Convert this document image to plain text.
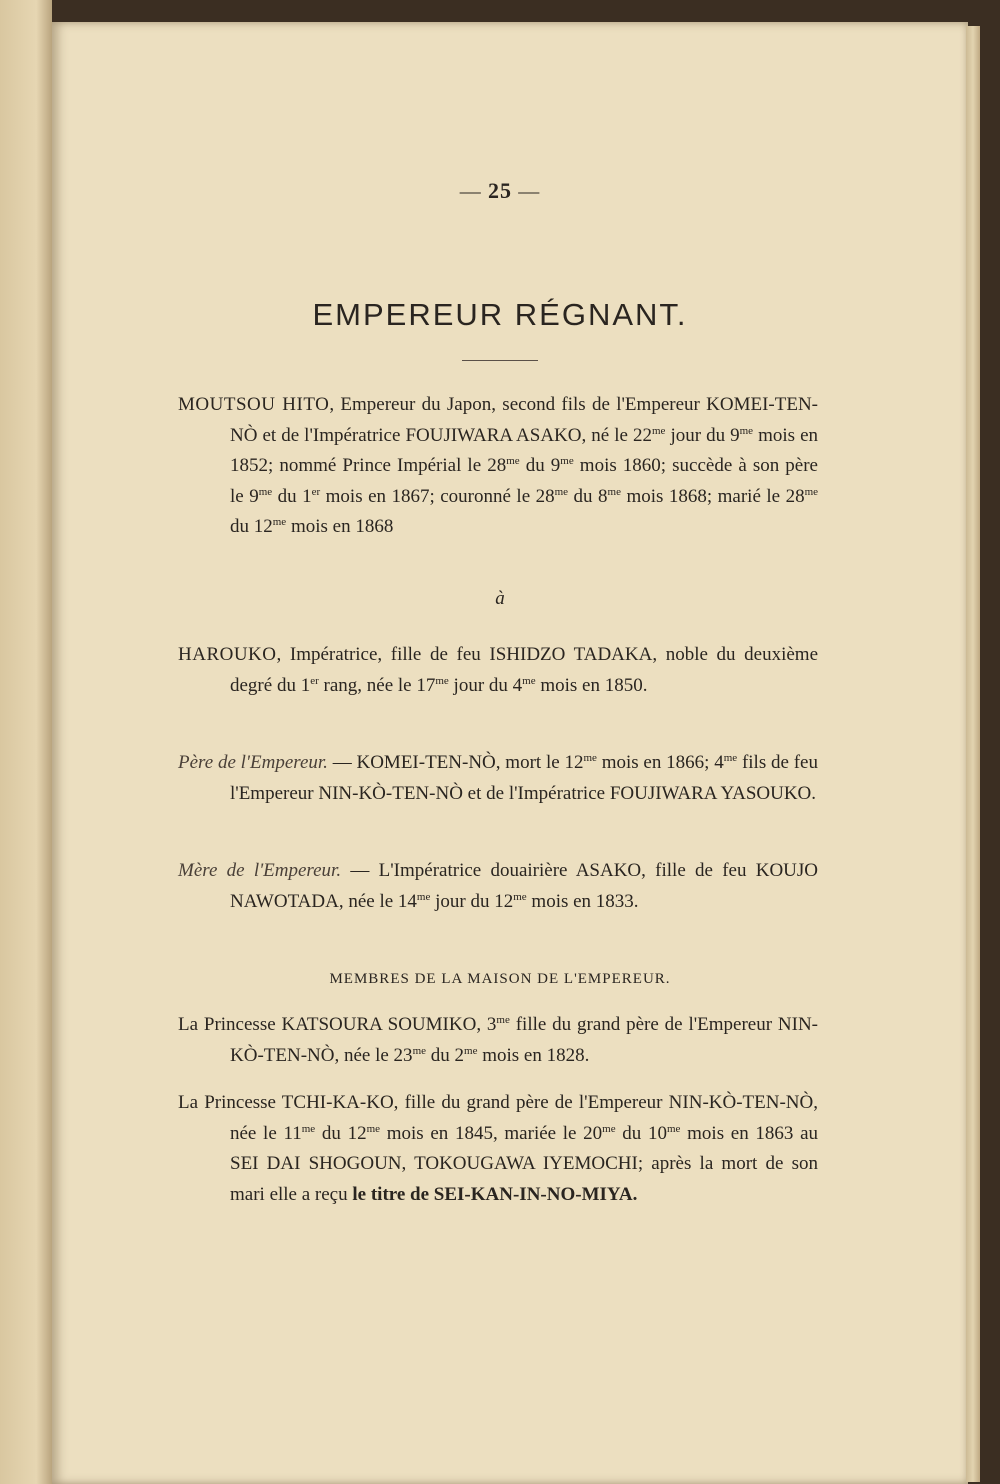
— 25 —
EMPEREUR RÉGNANT.
MOUTSOU HITO, Empereur du Japon, second fils de l'Empereur KOMEI-TEN-NÒ et de l'Impératrice FOUJIWARA ASAKO, né le $22^{me}$ jour du $9^{me}$ mois en 1852; nommé Prince Impérial le $28^{me}$ du $9^{me}$ mois 1860; succède à son père le $9^{me}$ du 1er mois en 1867; couronné le $28^{me}$ du $8^{me}$ mois 1868; marié le $28^{me}$ du $12^{me}$ mois en 1868
à
HAROUKO, Impératrice, fille de feu ISHIDZO TADAKA, noble du deuxième degré du 1er rang, née le $17^{me}$ jour du $4^{me}$ mois en 1850.
Père de l'Empereur. — KOMEI-TEN-NÒ, mort le $12^{me}$ mois en 1866; $4^{me}$ fils de feu l'Empereur NIN-KÒ-TEN-NÒ et de l'Impératrice FOUJIWARA YASOUKO.
Mère de l'Empereur. — L'Impératrice douairière ASAKO, fille de feu KOUJO NAWOTADA, née le $14^{me}$ jour du $12^{me}$ mois en 1833.
MEMBRES DE LA MAISON DE L'EMPEREUR.
La Princesse KATSOURA SOUMIKO, $3^{me}$ fille du grand père de l'Empereur NIN-KÒ-TEN-NÒ, née le $23^{me}$ du $2^{me}$ mois en 1828.
La Princesse TCHI-KA-KO, fille du grand père de l'Empereur NIN-KÒ-TEN-NÒ, née le $11^{me}$ du $12^{me}$ mois en 1845, mariée le $20^{me}$ du $10^{me}$ mois en 1863 au SEI DAI SHOGOUN, TOKOUGAWA IYEMOCHI; après la mort de son mari elle a reçu le titre de SEI-KAN-IN-NO-MIYA.
